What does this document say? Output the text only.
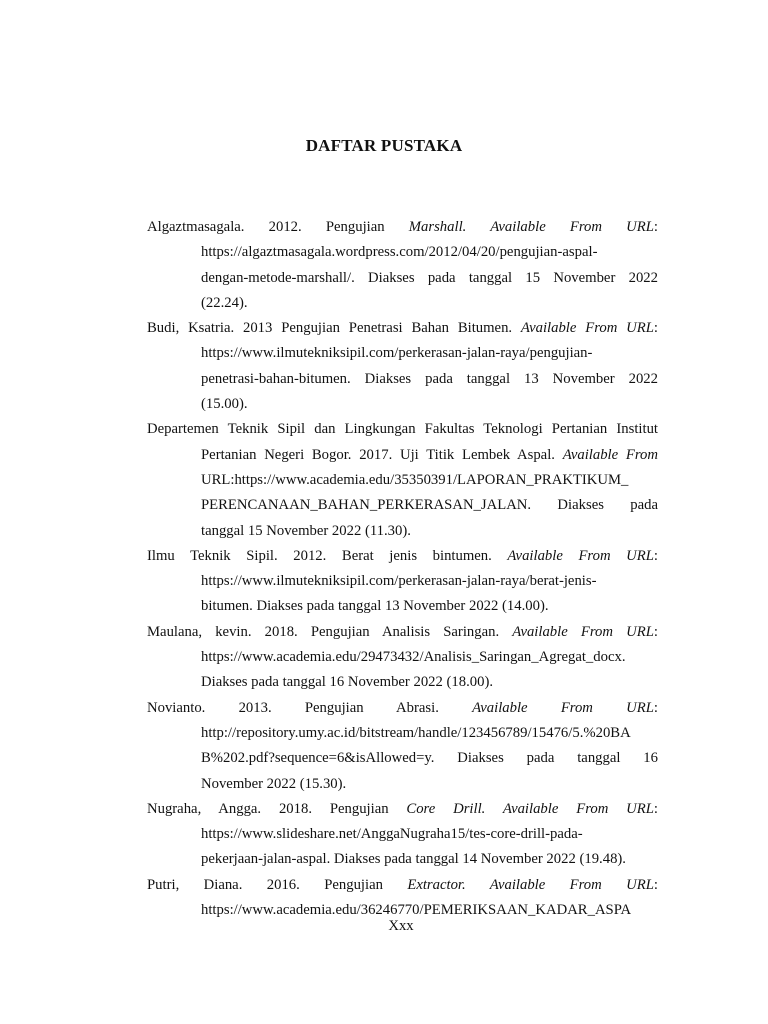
DAFTAR PUSTAKA
Algaztmasagala. 2012. Pengujian Marshall. Available From URL:
https://algaztmasagala.wordpress.com/2012/04/20/pengujian-aspal-
dengan-metode-marshall/. Diakses pada tanggal 15 November 2022
(22.24).
Budi, Ksatria. 2013 Pengujian Penetrasi Bahan Bitumen. Available From URL:
https://www.ilmutekniksipil.com/perkerasan-jalan-raya/pengujian-
penetrasi-bahan-bitumen. Diakses pada tanggal 13 November 2022
(15.00).
Departemen Teknik Sipil dan Lingkungan Fakultas Teknologi Pertanian Institut
Pertanian Negeri Bogor. 2017. Uji Titik Lembek Aspal. Available From
URL:https://www.academia.edu/35350391/LAPORAN_PRAKTIKUM_
PERENCANAAN_BAHAN_PERKERASAN_JALAN. Diakses pada
tanggal 15 November 2022 (11.30).
Ilmu Teknik Sipil. 2012. Berat jenis bintumen. Available From URL:
https://www.ilmutekniksipil.com/perkerasan-jalan-raya/berat-jenis-
bitumen. Diakses pada tanggal 13 November 2022 (14.00).
Maulana, kevin. 2018. Pengujian Analisis Saringan. Available From URL:
https://www.academia.edu/29473432/Analisis_Saringan_Agregat_docx.
Diakses pada tanggal 16 November 2022 (18.00).
Novianto. 2013. Pengujian Abrasi. Available From URL:
http://repository.umy.ac.id/bitstream/handle/123456789/15476/5.%20BA
B%202.pdf?sequence=6&isAllowed=y. Diakses pada tanggal 16
November 2022 (15.30).
Nugraha, Angga. 2018. Pengujian Core Drill. Available From URL:
https://www.slideshare.net/AnggaNugraha15/tes-core-drill-pada-
pekerjaan-jalan-aspal. Diakses pada tanggal 14 November 2022 (19.48).
Putri, Diana. 2016. Pengujian Extractor. Available From URL:
https://www.academia.edu/36246770/PEMERIKSAAN_KADAR_ASPA
Xxx
